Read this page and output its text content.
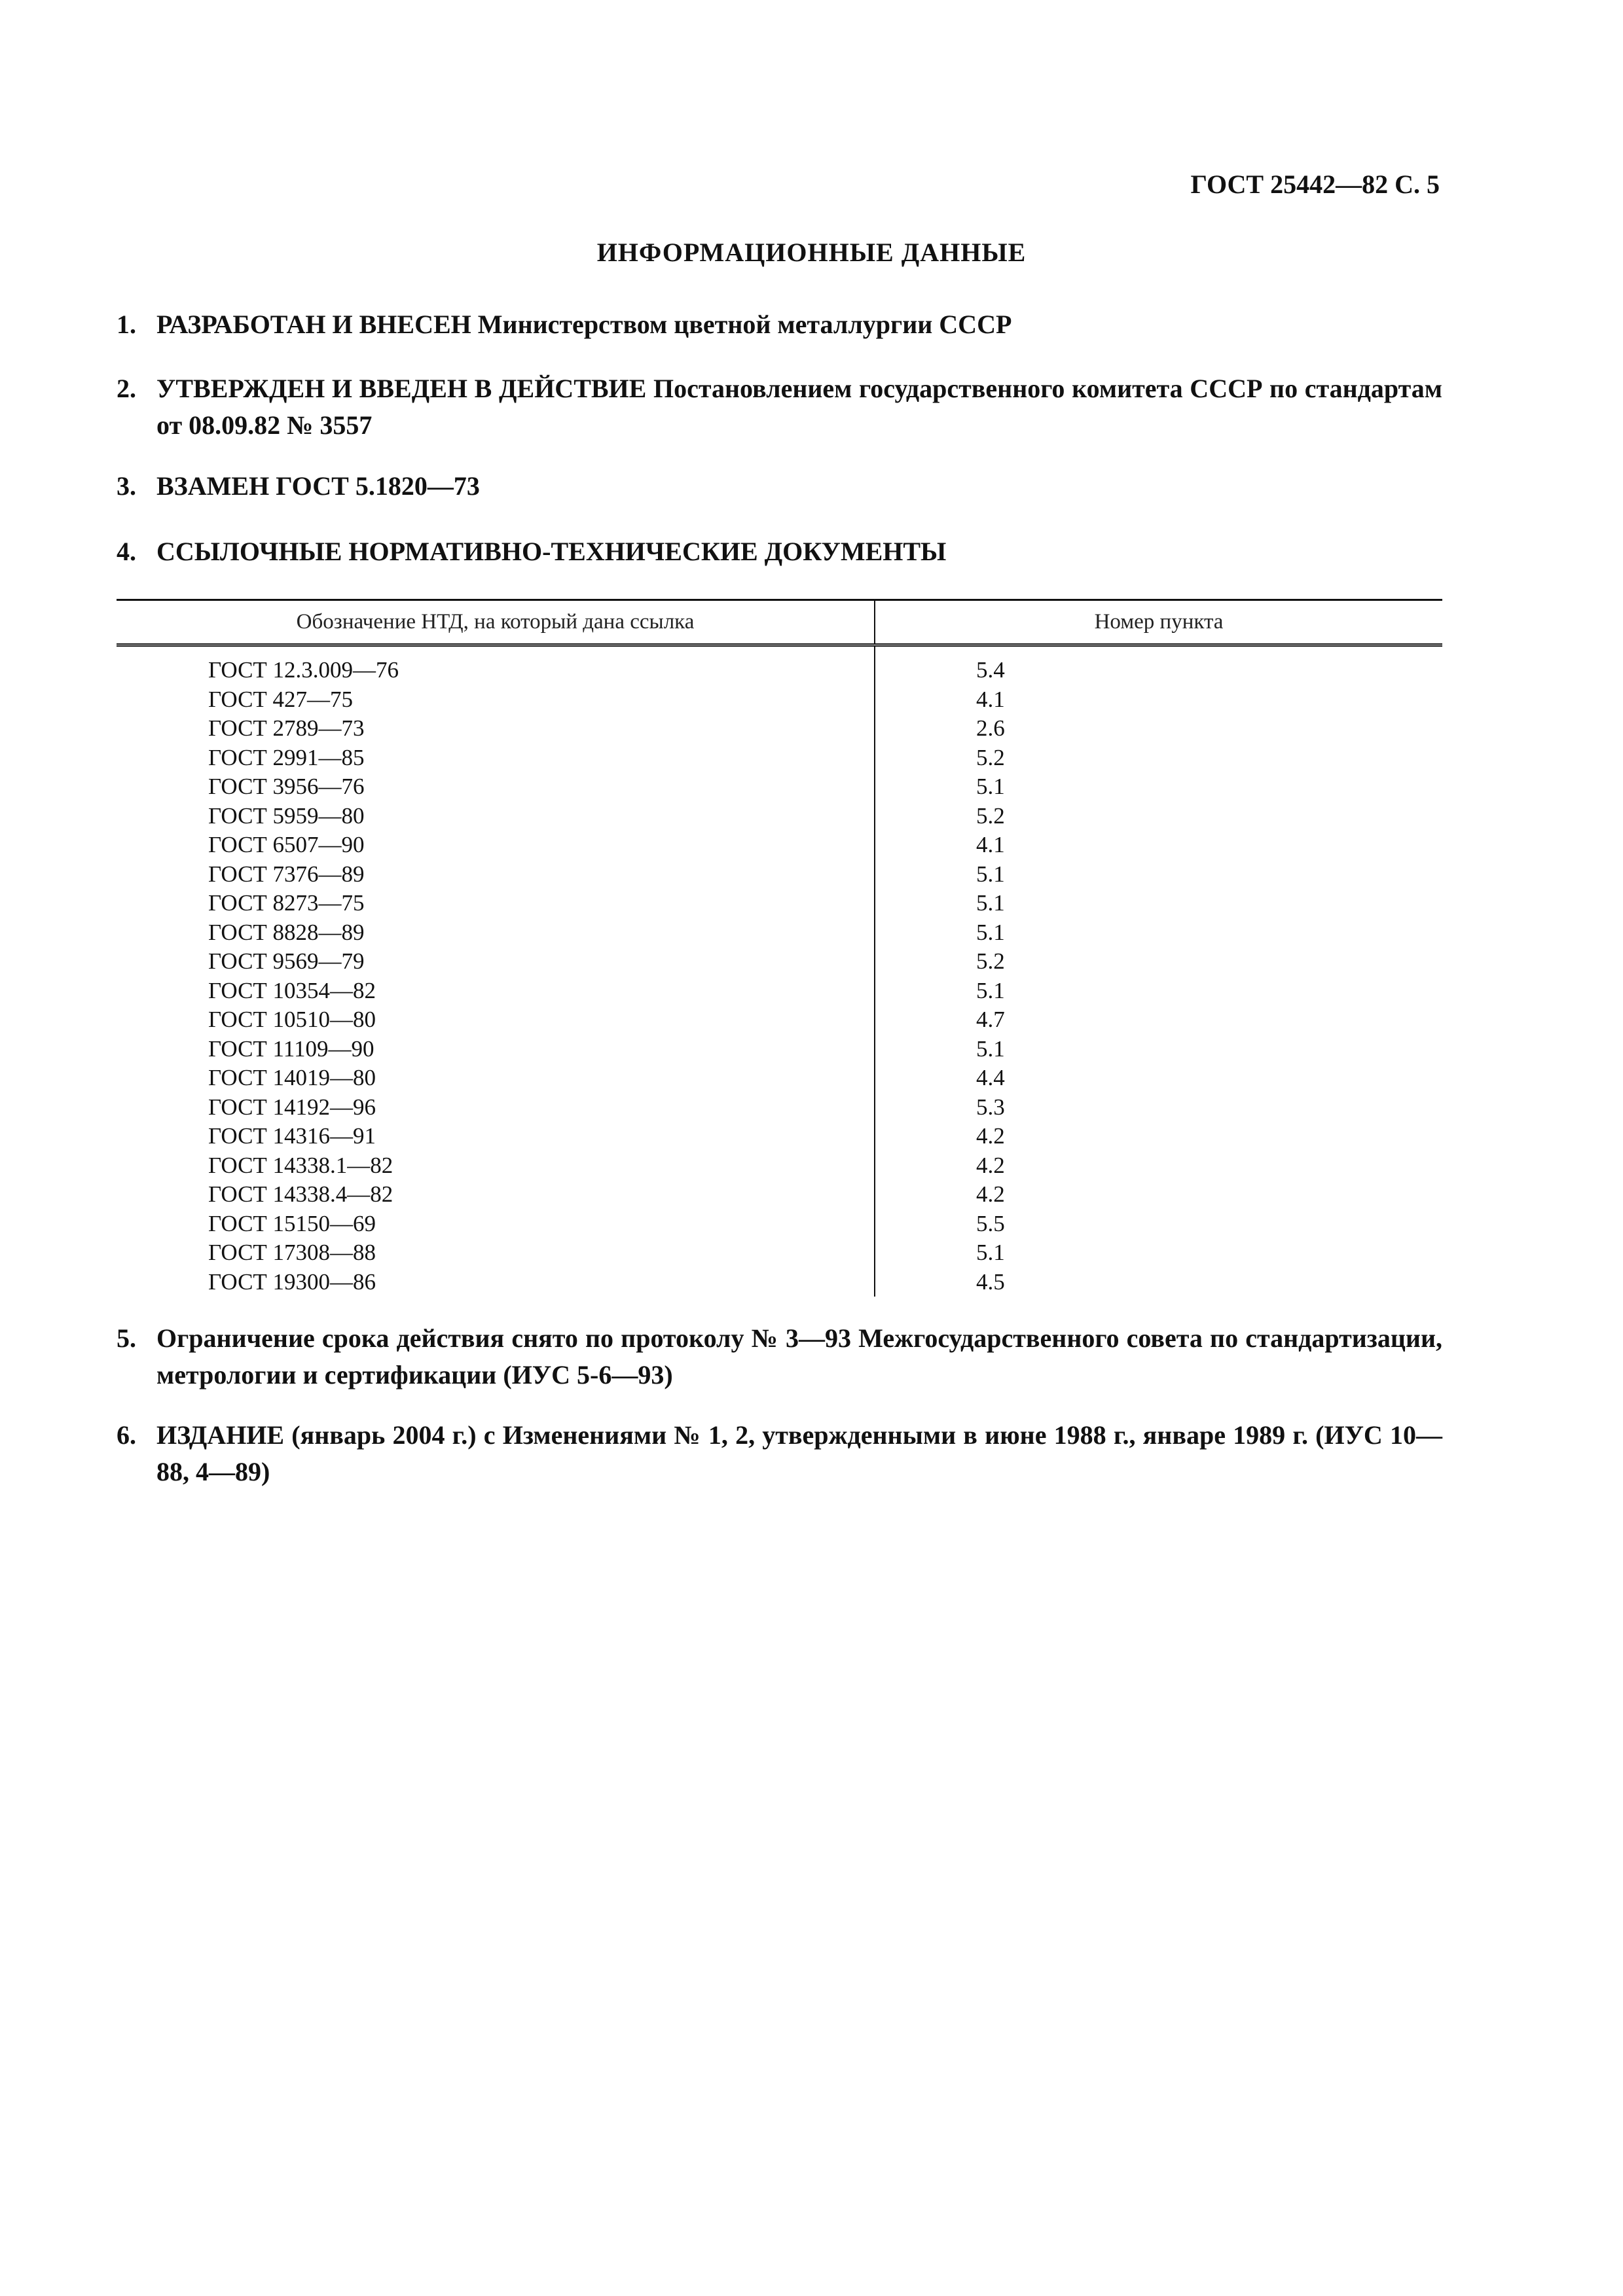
ГОСТ 25442—82 С. 5
ИНФОРМАЦИОННЫЕ ДАННЫЕ
1. РАЗРАБОТАН И ВНЕСЕН Министерством цветной металлургии СССР
2. УТВЕРЖДЕН И ВВЕДЕН В ДЕЙСТВИЕ Постановлением государственного комитета СССР по стандартам от 08.09.82 № 3557
3. ВЗАМЕН ГОСТ 5.1820—73
4. ССЫЛОЧНЫЕ НОРМАТИВНО-ТЕХНИЧЕСКИЕ ДОКУМЕНТЫ
Обозначение НТД, на который дана ссылка	Номер пункта
ГОСТ 12.3.009—76	5.4
ГОСТ 427—75	4.1
ГОСТ 2789—73	2.6
ГОСТ 2991—85	5.2
ГОСТ 3956—76	5.1
ГОСТ 5959—80	5.2
ГОСТ 6507—90	4.1
ГОСТ 7376—89	5.1
ГОСТ 8273—75	5.1
ГОСТ 8828—89	5.1
ГОСТ 9569—79	5.2
ГОСТ 10354—82	5.1
ГОСТ 10510—80	4.7
ГОСТ 11109—90	5.1
ГОСТ 14019—80	4.4
ГОСТ 14192—96	5.3
ГОСТ 14316—91	4.2
ГОСТ 14338.1—82	4.2
ГОСТ 14338.4—82	4.2
ГОСТ 15150—69	5.5
ГОСТ 17308—88	5.1
ГОСТ 19300—86	4.5
5. Ограничение срока действия снято по протоколу № 3—93 Межгосударственного совета по стандартизации, метрологии и сертификации (ИУС 5-6—93)
6. ИЗДАНИЕ (январь 2004 г.) с Изменениями № 1, 2, утвержденными в июне 1988 г., январе 1989 г. (ИУС 10—88, 4—89)
